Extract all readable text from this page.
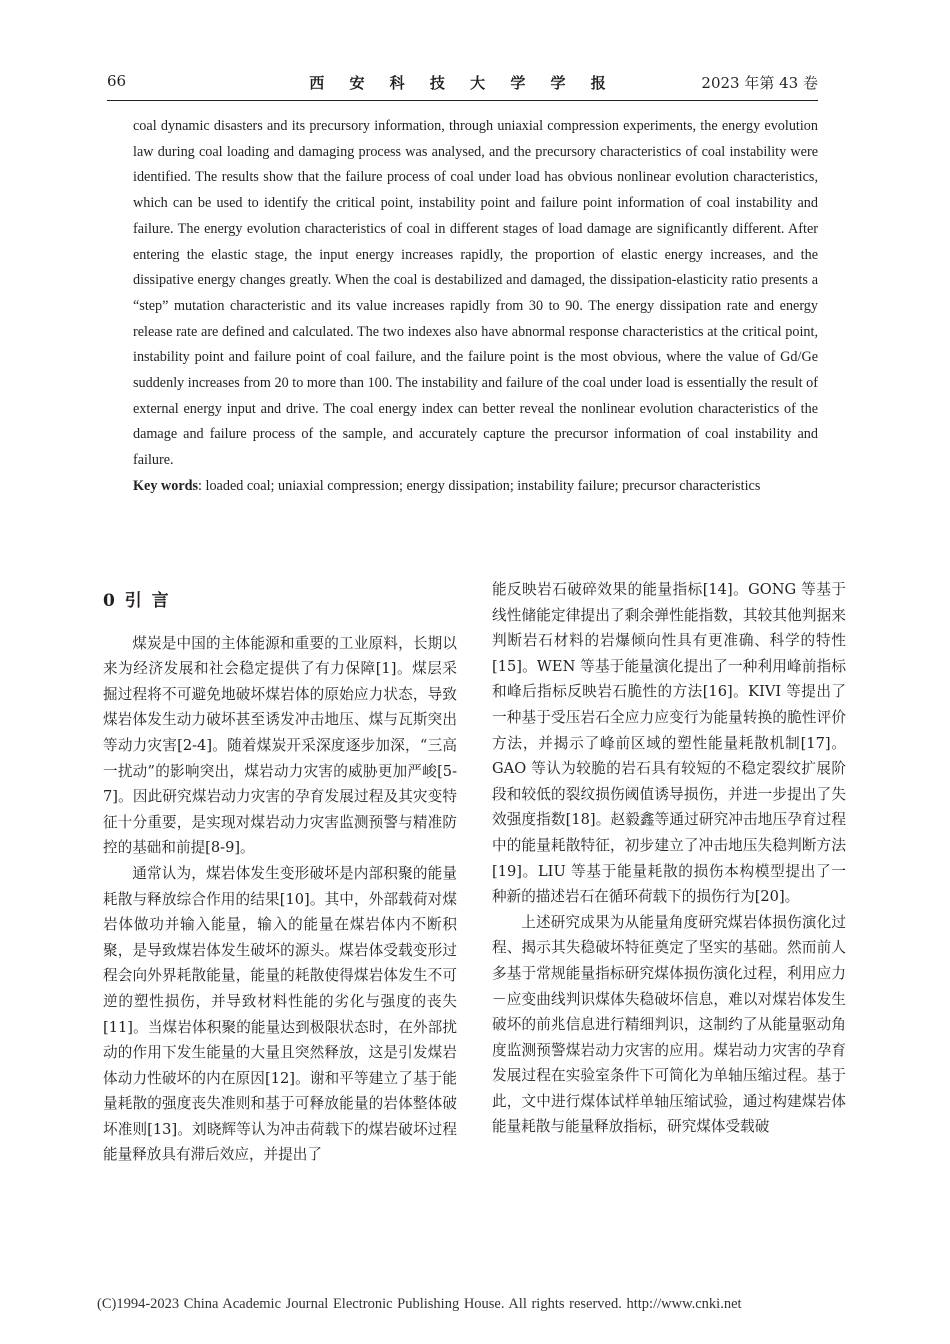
66	西 安 科 技 大 学 学 报	2023 年第 43 卷
coal dynamic disasters and its precursory information, through uniaxial compression experiments, the energy evolution law during coal loading and damaging process was analysed, and the precursory characteristics of coal instability were identified. The results show that the failure process of coal under load has obvious nonlinear evolution characteristics, which can be used to identify the critical point, instability point and failure point information of coal instability and failure. The energy evolution characteristics of coal in different stages of load damage are significantly different. After entering the elastic stage, the input energy increases rapidly, the proportion of elastic energy increases, and the dissipative energy changes greatly. When the coal is destabilized and damaged, the dissipation-elasticity ratio presents a “step” mutation characteristic and its value increases rapidly from 30 to 90. The energy dissipation rate and energy release rate are defined and calculated. The two indexes also have abnormal response characteristics at the critical point, instability point and failure point of coal failure, and the failure point is the most obvious, where the value of Gd/Ge suddenly increases from 20 to more than 100. The instability and failure of the coal under load is essentially the result of external energy input and drive. The coal energy index can better reveal the nonlinear evolution characteristics of the damage and failure process of the sample, and accurately capture the precursor information of coal instability and failure.
Key words: loaded coal; uniaxial compression; energy dissipation; instability failure; precursor characteristics
0 引 言

煤炭是中国的主体能源和重要的工业原料，长期以来为经济发展和社会稳定提供了有力保障[1]。煤层采掘过程将不可避免地破坏煤岩体的原始应力状态，导致煤岩体发生动力破坏甚至诱发冲击地压、煤与瓦斯突出等动力灾害[2-4]。随着煤炭开采深度逐步加深，“三高一扰动”的影响突出，煤岩动力灾害的威胁更加严峻[5-7]。因此研究煤岩动力灾害的孕育发展过程及其灾变特征十分重要，是实现对煤岩动力灾害监测预警与精准防控的基础和前提[8-9]。

通常认为，煤岩体发生变形破坏是内部积聚的能量耗散与释放综合作用的结果[10]。其中，外部载荷对煤岩体做功并输入能量，输入的能量在煤岩体内不断积聚，是导致煤岩体发生破坏的源头。煤岩体受载变形过程会向外界耗散能量，能量的耗散使得煤岩体发生不可逆的塑性损伤，并导致材料性能的劣化与强度的丧失[11]。当煤岩体积聚的能量达到极限状态时，在外部扰动的作用下发生能量的大量且突然释放，这是引发煤岩体动力性破坏的内在原因[12]。谢和平等建立了基于能量耗散的强度丧失准则和基于可释放能量的岩体整体破坏准则[13]。刘晓辉等认为冲击荷载下的煤岩破坏过程能量释放具有滞后效应，并提出了

能反映岩石破碎效果的能量指标[14]。GONG 等基于线性储能定律提出了剩余弹性能指数，其较其他判据来判断岩石材料的岩爆倾向性具有更准确、科学的特性[15]。WEN 等基于能量演化提出了一种利用峰前指标和峰后指标反映岩石脆性的方法[16]。KIVI 等提出了一种基于受压岩石全应力应变行为能量转换的脆性评价方法，并揭示了峰前区域的塑性能量耗散机制[17]。GAO 等认为较脆的岩石具有较短的不稳定裂纹扩展阶段和较低的裂纹损伤阈值诱导损伤，并进一步提出了失效强度指数[18]。赵毅鑫等通过研究冲击地压孕育过程中的能量耗散特征，初步建立了冲击地压失稳判断方法[19]。LIU 等基于能量耗散的损伤本构模型提出了一种新的描述岩石在循环荷载下的损伤行为[20]。

上述研究成果为从能量角度研究煤岩体损伤演化过程、揭示其失稳破坏特征奠定了坚实的基础。然而前人多基于常规能量指标研究煤体损伤演化过程，利用应力－应变曲线判识煤体失稳破坏信息，难以对煤岩体发生破坏的前兆信息进行精细判识，这制约了从能量驱动角度监测预警煤岩动力灾害的应用。煤岩动力灾害的孕育发展过程在实验室条件下可简化为单轴压缩过程。基于此，文中进行煤体试样单轴压缩试验，通过构建煤岩体能量耗散与能量释放指标，研究煤体受载破

(C)1994-2023 China Academic Journal Electronic Publishing House. All rights reserved. http://www.cnki.net
